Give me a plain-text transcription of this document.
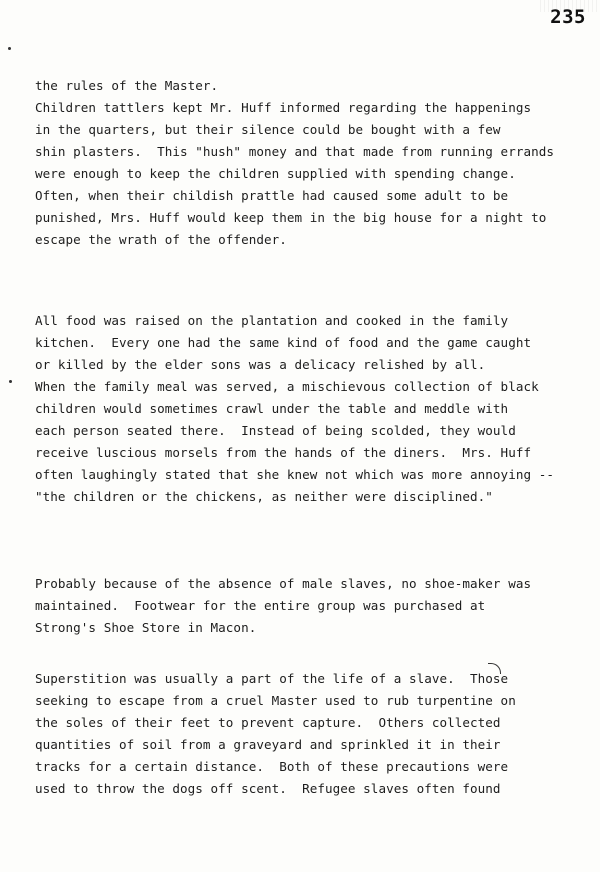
235
the rules of the Master.
Children tattlers kept Mr. Huff informed regarding the happenings
in the quarters, but their silence could be bought with a few
shin plasters.  This "hush" money and that made from running errands
were enough to keep the children supplied with spending change.
Often, when their childish prattle had caused some adult to be
punished, Mrs. Huff would keep them in the big house for a night to
escape the wrath of the offender.
All food was raised on the plantation and cooked in the family
kitchen.  Every one had the same kind of food and the game caught
or killed by the elder sons was a delicacy relished by all.
When the family meal was served, a mischievous collection of black
children would sometimes crawl under the table and meddle with
each person seated there.  Instead of being scolded, they would
receive luscious morsels from the hands of the diners.  Mrs. Huff
often laughingly stated that she knew not which was more annoying --
"the children or the chickens, as neither were disciplined."
Probably because of the absence of male slaves, no shoe-maker was
maintained.  Footwear for the entire group was purchased at
Strong's Shoe Store in Macon.
Superstition was usually a part of the life of a slave.  Those
seeking to escape from a cruel Master used to rub turpentine on
the soles of their feet to prevent capture.  Others collected
quantities of soil from a graveyard and sprinkled it in their
tracks for a certain distance.  Both of these precautions were
used to throw the dogs off scent.  Refugee slaves often found
